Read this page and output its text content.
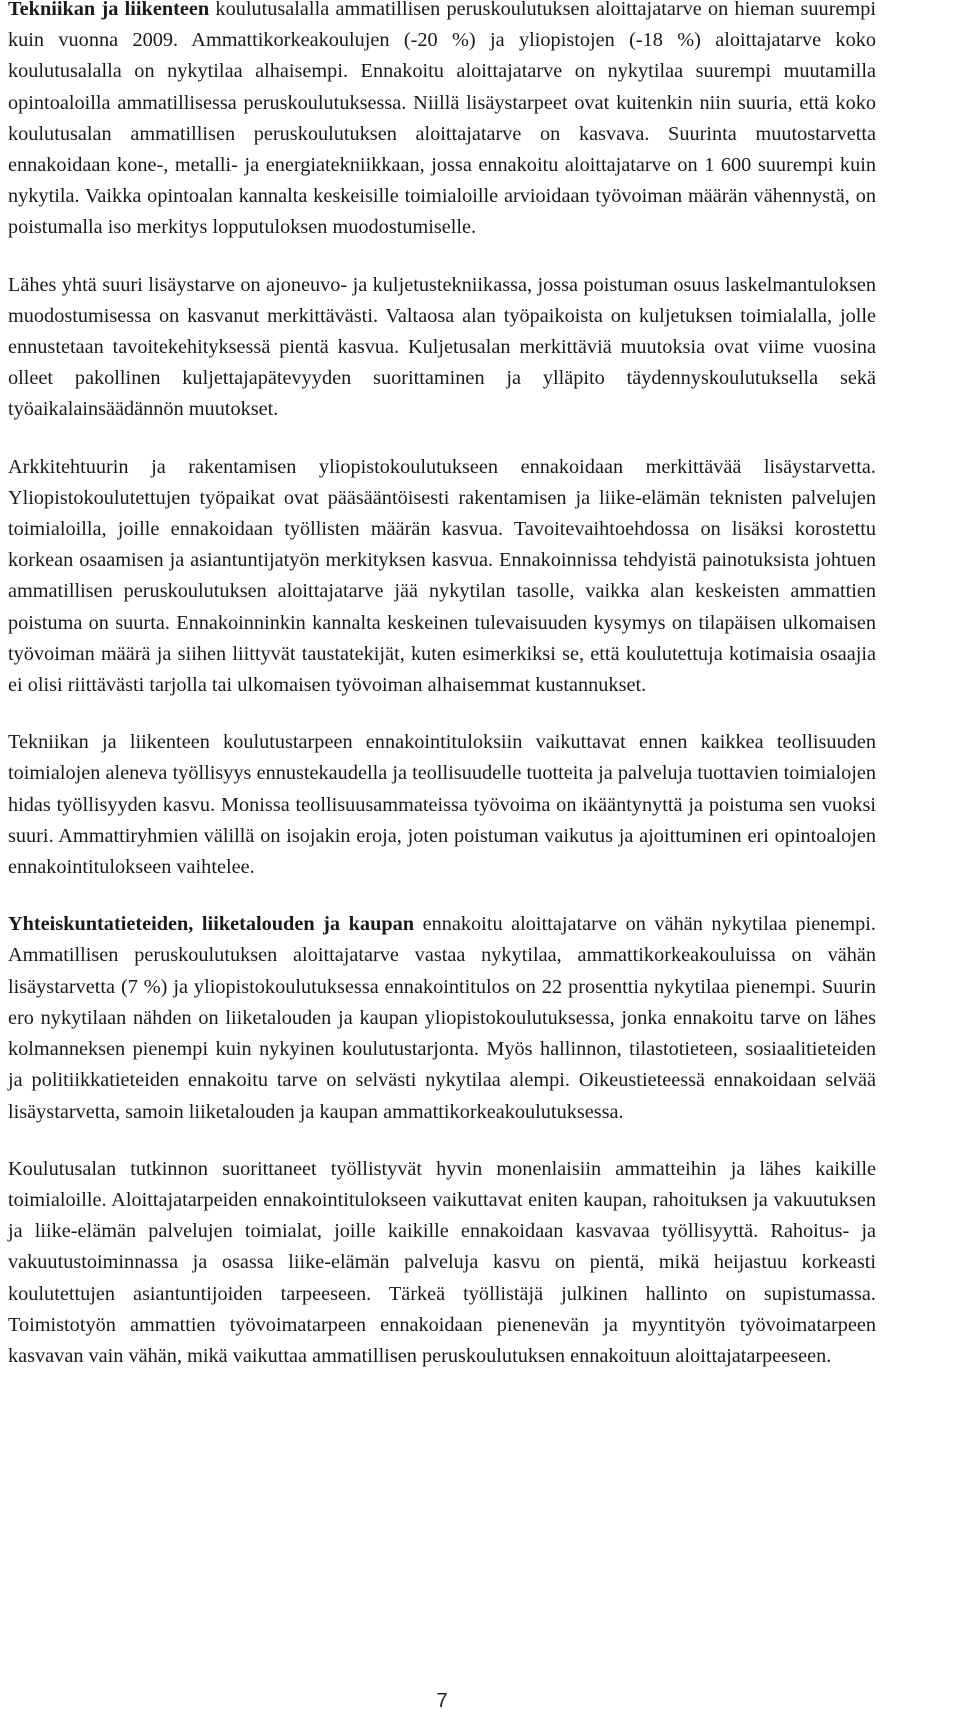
Tekniikan ja liikenteen koulutusalalla ammatillisen peruskoulutuksen aloittajatarve on hieman suurempi kuin vuonna 2009. Ammattikorkeakoulujen (-20 %) ja yliopistojen (-18 %) aloittajatarve koko koulutusalalla on nykytilaa alhaisempi. Ennakoitu aloittajatarve on nykytilaa suurempi muutamilla opintoaloilla ammatillisessa peruskoulutuksessa. Niillä lisäystarpeet ovat kuitenkin niin suuria, että koko koulutusalan ammatillisen peruskoulutuksen aloittajatarve on kasvava. Suurinta muutostarvetta ennakoidaan kone-, metalli- ja energiatekniikkaan, jossa ennakoitu aloittajatarve on 1 600 suurempi kuin nykytila. Vaikka opintoalan kannalta keskeisille toimialoille arvioidaan työvoiman määrän vähennystä, on poistumalla iso merkitys lopputuloksen muodostumiselle.

Lähes yhtä suuri lisäystarve on ajoneuvo- ja kuljetustekniikassa, jossa poistuman osuus laskelmantuloksen muodostumisessa on kasvanut merkittävästi. Valtaosa alan työpaikoista on kuljetuksen toimialalla, jolle ennustetaan tavoitekehityksessä pientä kasvua. Kuljetusalan merkittäviä muutoksia ovat viime vuosina olleet pakollinen kuljettajapätevyyden suorittaminen ja ylläpito täydennyskoulutuksella sekä työaikalainsäädännön muutokset.

Arkkitehtuurin ja rakentamisen yliopistokoulutukseen ennakoidaan merkittävää lisäystarvetta. Yliopistokoulutettujen työpaikat ovat pääsääntöisesti rakentamisen ja liike-elämän teknisten palvelujen toimialoilla, joille ennakoidaan työllisten määrän kasvua. Tavoitevaihtoehdossa on lisäksi korostettu korkean osaamisen ja asiantuntijatyön merkityksen kasvua. Ennakoinnissa tehdyistä painotuksista johtuen ammatillisen peruskoulutuksen aloittajatarve jää nykytilan tasolle, vaikka alan keskeisten ammattien poistuma on suurta. Ennakoinninkin kannalta keskeinen tulevaisuuden kysymys on tilapäisen ulkomaisen työvoiman määrä ja siihen liittyvät taustatekijät, kuten esimerkiksi se, että koulutettuja kotimaisia osaajia ei olisi riittävästi tarjolla tai ulkomaisen työvoiman alhaisemmat kustannukset.

Tekniikan ja liikenteen koulutustarpeen ennakointituloksiin vaikuttavat ennen kaikkea teollisuuden toimialojen aleneva työllisyys ennustekaudella ja teollisuudelle tuotteita ja palveluja tuottavien toimialojen hidas työllisyyden kasvu. Monissa teollisuusammateissa työvoima on ikääntynyttä ja poistuma sen vuoksi suuri. Ammattiryhmien välillä on isojakin eroja, joten poistuman vaikutus ja ajoittuminen eri opintoalojen ennakointitulokseen vaihtelee.

Yhteiskuntatieteiden, liiketalouden ja kaupan ennakoitu aloittajatarve on vähän nykytilaa pienempi. Ammatillisen peruskoulutuksen aloittajatarve vastaa nykytilaa, ammattikorkeakouluissa on vähän lisäystarvetta (7 %) ja yliopistokoulutuksessa ennakointitulos on 22 prosenttia nykytilaa pienempi. Suurin ero nykytilaan nähden on liiketalouden ja kaupan yliopistokoulutuksessa, jonka ennakoitu tarve on lähes kolmanneksen pienempi kuin nykyinen koulutustarjonta. Myös hallinnon, tilastotieteen, sosiaalitieteiden ja politiikkatieteiden ennakoitu tarve on selvästi nykytilaa alempi. Oikeustieteessä ennakoidaan selvää lisäystarvetta, samoin liiketalouden ja kaupan ammattikorkeakoulutuksessa.

Koulutusalan tutkinnon suorittaneet työllistyvät hyvin monenlaisiin ammatteihin ja lähes kaikille toimialoille. Aloittajatarpeiden ennakointitulokseen vaikuttavat eniten kaupan, rahoituksen ja vakuutuksen ja liike-elämän palvelujen toimialat, joille kaikille ennakoidaan kasvavaa työllisyyttä. Rahoitus- ja vakuutustoiminnassa ja osassa liike-elämän palveluja kasvu on pientä, mikä heijastuu korkeasti koulutettujen asiantuntijoiden tarpeeseen. Tärkeä työllistäjä julkinen hallinto on supistumassa. Toimistotyön ammattien työvoimatarpeen ennakoidaan pienenevän ja myyntityön työvoimatarpeen kasvavan vain vähän, mikä vaikuttaa ammatillisen peruskoulutuksen ennakoituun aloittajatarpeeseen.

7
